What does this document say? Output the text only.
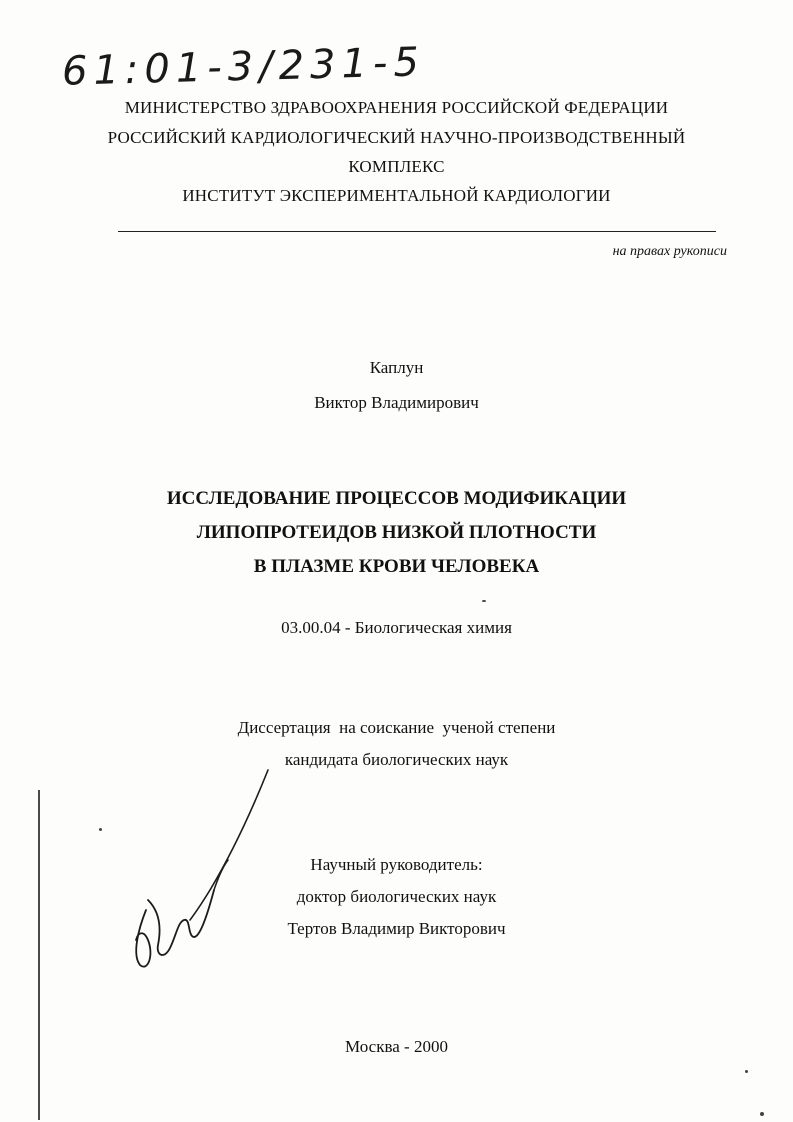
61:01-3/231-5
МИНИСТЕРСТВО ЗДРАВООХРАНЕНИЯ РОССИЙСКОЙ ФЕДЕРАЦИИ
РОССИЙСКИЙ КАРДИОЛОГИЧЕСКИЙ НАУЧНО-ПРОИЗВОДСТВЕННЫЙ
КОМПЛЕКС
ИНСТИТУТ ЭКСПЕРИМЕНТАЛЬНОЙ КАРДИОЛОГИИ
на правах рукописи
Каплун
Виктор Владимирович
ИССЛЕДОВАНИЕ ПРОЦЕССОВ МОДИФИКАЦИИ
ЛИПОПРОТЕИДОВ НИЗКОЙ ПЛОТНОСТИ
В ПЛАЗМЕ КРОВИ ЧЕЛОВЕКА
03.00.04 - Биологическая химия
Диссертация  на соискание  ученой степени
кандидата биологических наук
Научный руководитель:
доктор биологических наук
Тертов Владимир Викторович
Москва - 2000
